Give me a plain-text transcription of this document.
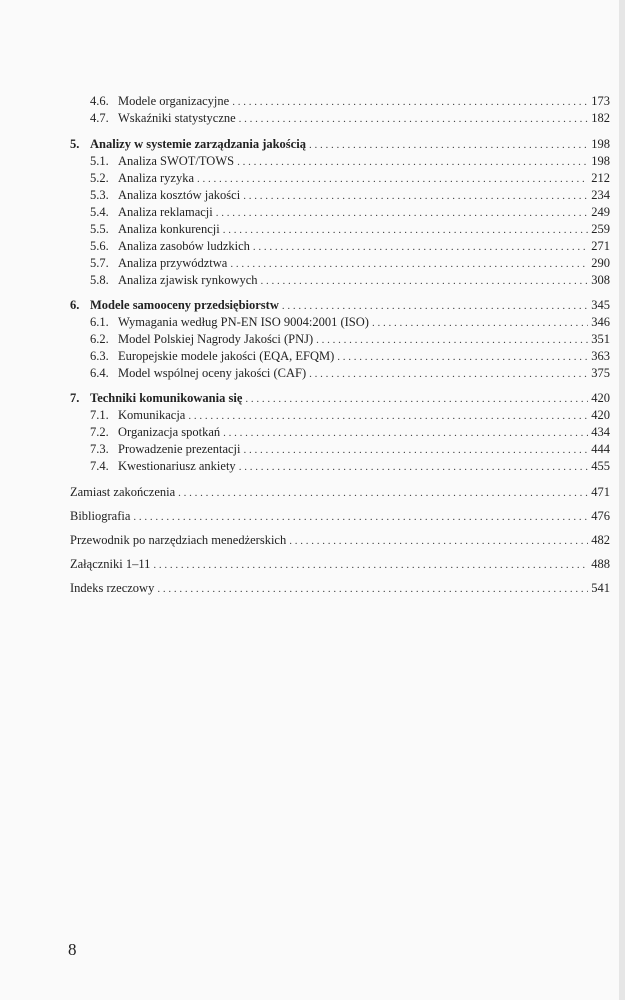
4.6. Modele organizacyjne . . .	173
4.7. Wskaźniki statystyczne . . .	182
5. Analizy w systemie zarządzania jakością . . .	198
5.1. Analiza SWOT/TOWS . . .	198
5.2. Analiza ryzyka . . .	212
5.3. Analiza kosztów jakości . . .	234
5.4. Analiza reklamacji . . .	249
5.5. Analiza konkurencji . . .	259
5.6. Analiza zasobów ludzkich . . .	271
5.7. Analiza przywództwa . . .	290
5.8. Analiza zjawisk rynkowych . . .	308
6. Modele samooceny przedsiębiorstw . . .	345
6.1. Wymagania według PN-EN ISO 9004:2001 (ISO) . . .	346
6.2. Model Polskiej Nagrody Jakości (PNJ) . . .	351
6.3. Europejskie modele jakości (EQA, EFQM) . . .	363
6.4. Model wspólnej oceny jakości (CAF) . . .	375
7. Techniki komunikowania się . . .	420
7.1. Komunikacja . . .	420
7.2. Organizacja spotkań . . .	434
7.3. Prowadzenie prezentacji . . .	444
7.4. Kwestionariusz ankiety . . .	455
Zamiast zakończenia . . .	471
Bibliografia . . .	476
Przewodnik po narzędziach menedżerskich . . .	482
Załączniki 1–11 . . .	488
Indeks rzeczowy . . .	541
8
